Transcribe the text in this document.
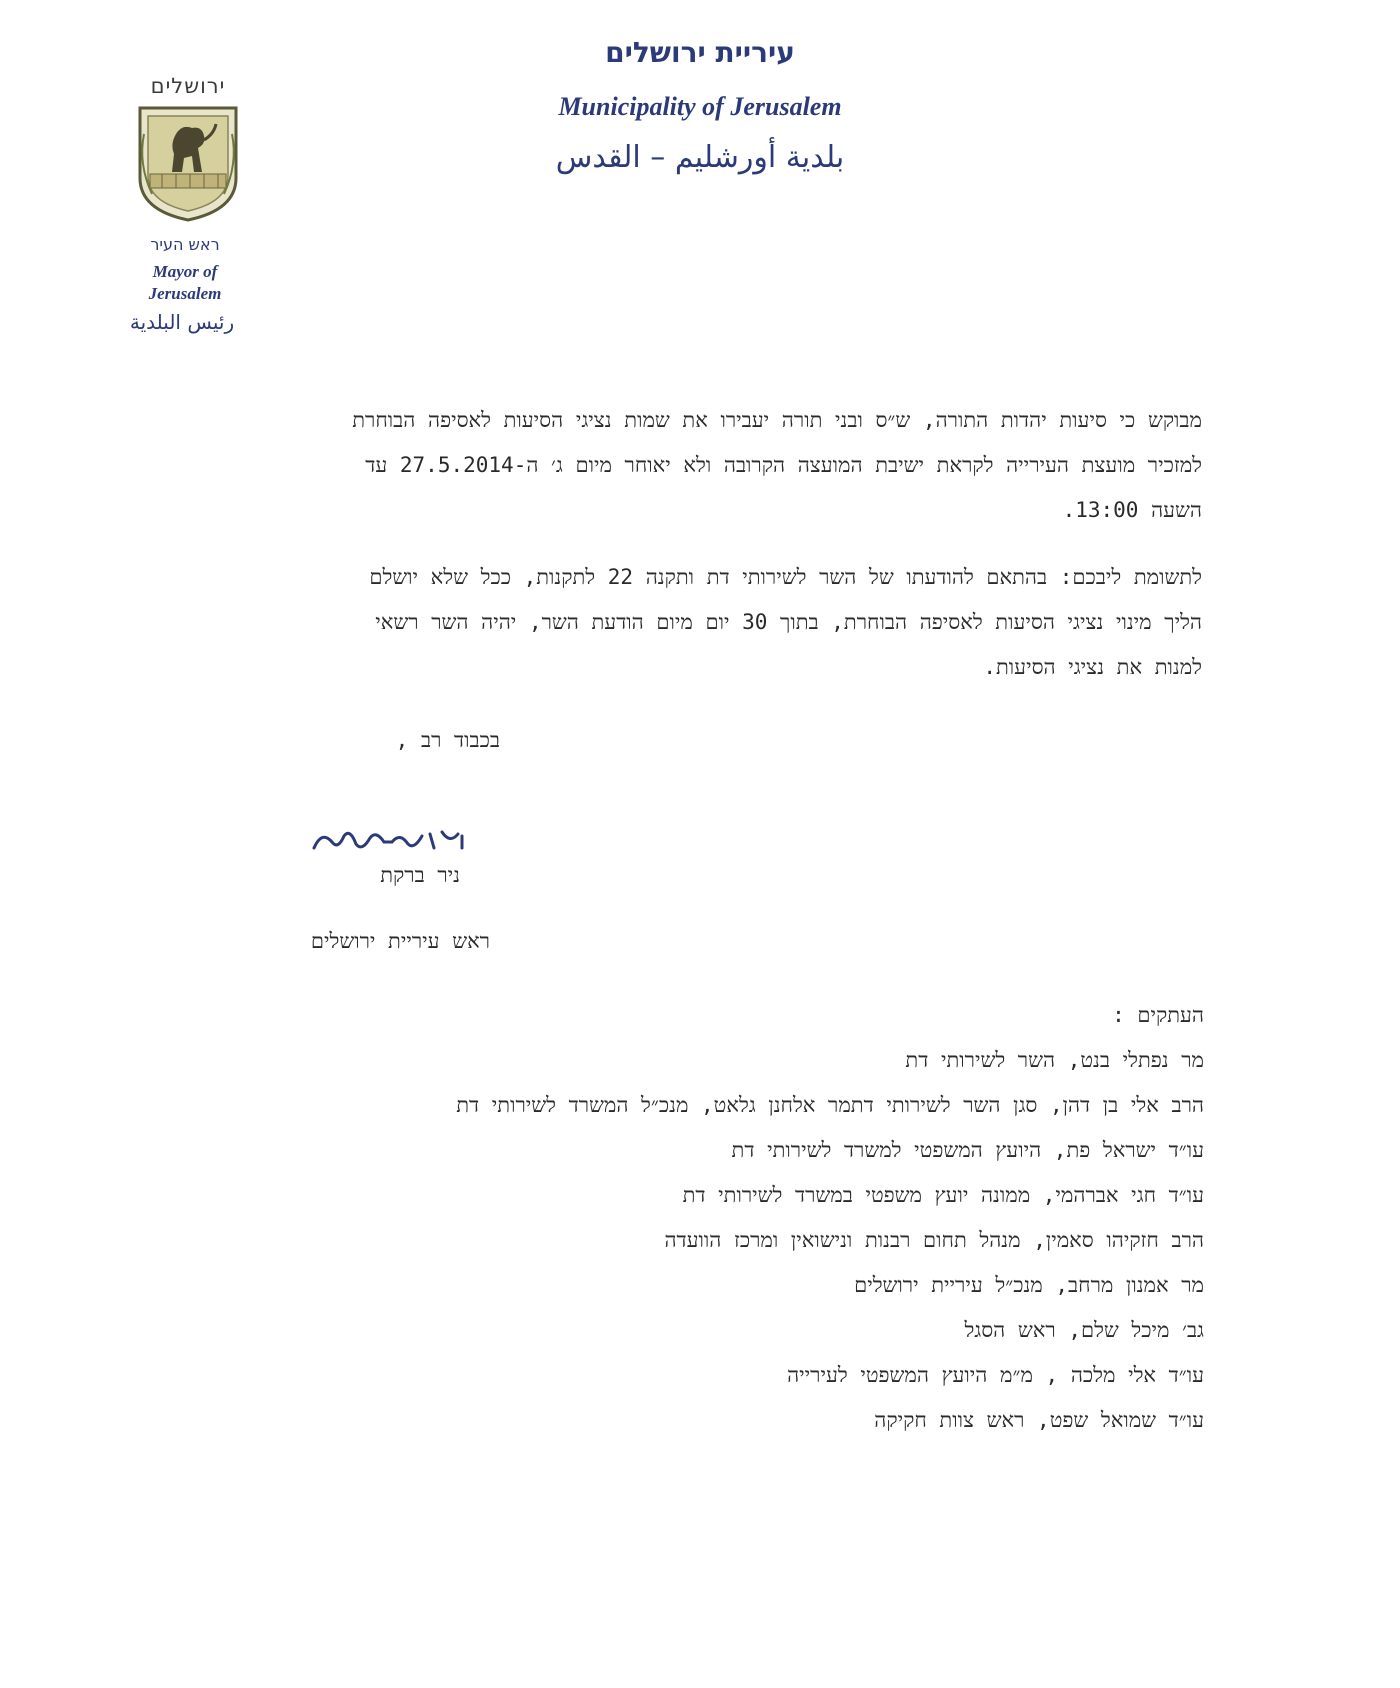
עיריית ירושלים
Municipality of Jerusalem
بلدية أورشليم – القدس
ירושלים
ראש העיר
Mayor of
Jerusalem
رئيس البلدية
מבוקש כי סיעות יהדות התורה, ש״ס ובני תורה יעבירו את שמות נציגי הסיעות לאסיפה הבוחרת
למזכיר מועצת העירייה לקראת ישיבת המועצה הקרובה ולא יאוחר מיום ג׳ ה-27.5.2014 עד
השעה 13:00.
לתשומת ליבכם: בהתאם להודעתו של השר לשירותי דת ותקנה 22 לתקנות, ככל שלא יושלם
הליך מינוי נציגי הסיעות לאסיפה הבוחרת, בתוך 30 יום מיום הודעת השר, יהיה השר רשאי
למנות את נציגי הסיעות.
בכבוד רב ,
ניר ברקת
ראש עיריית ירושלים
העתקים :
מר נפתלי בנט, השר לשירותי דת
הרב אלי בן דהן, סגן השר לשירותי דתמר אלחנן גלאט, מנכ״ל המשרד לשירותי דת
עו״ד ישראל פת, היועץ המשפטי למשרד לשירותי דת
עו״ד חגי אברהמי, ממונה יועץ משפטי במשרד לשירותי דת
הרב חזקיהו סאמין, מנהל תחום רבנות ונישואין ומרכז הוועדה
מר אמנון מרחב, מנכ״ל עיריית ירושלים
גב׳ מיכל שלם, ראש הסגל
עו״ד אלי מלכה , מ״מ היועץ המשפטי לעירייה
עו״ד שמואל שפט, ראש צוות חקיקה
